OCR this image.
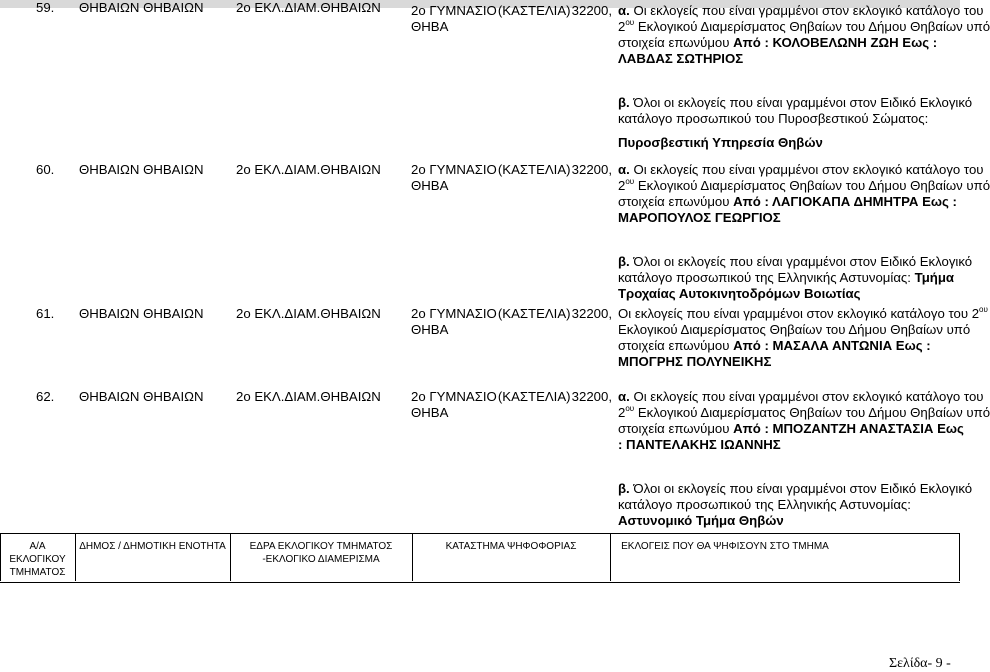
59. ΘΗΒΑΙΩΝ ΘΗΒΑΙΩΝ 2ο ΕΚΛ.ΔΙΑΜ.ΘΗΒΑΙΩΝ 2ο ΓΥΜΝΑΣΙΟ (ΚΑΣΤΕΛΙΑ) 32200,
ΘΗΒΑ
α. Οι εκλογείς που είναι γραμμένοι στον εκλογικό κατάλογο του
$2^{o\upsilon}$ Εκλογικού Διαμερίσματος Θηβαίων του Δήμου Θηβαίων υπό
στοιχεία επωνύμου Από : ΚΟΛΟΒΕΛΩΝΗ ΖΩΗ Εως :
ΛΑΒΔΑΣ ΣΩΤΗΡΙΟΣ
β. Όλοι οι εκλογείς που είναι γραμμένοι στον Ειδικό Εκλογικό
κατάλογο προσωπικού του Πυροσβεστικού Σώματος:
Πυροσβεστική Υπηρεσία Θηβών
60. ΘΗΒΑΙΩΝ ΘΗΒΑΙΩΝ 2ο ΕΚΛ.ΔΙΑΜ.ΘΗΒΑΙΩΝ 2ο ΓΥΜΝΑΣΙΟ (ΚΑΣΤΕΛΙΑ) 32200,
ΘΗΒΑ
α. Οι εκλογείς που είναι γραμμένοι στον εκλογικό κατάλογο του
$2^{o\upsilon}$ Εκλογικού Διαμερίσματος Θηβαίων του Δήμου Θηβαίων υπό
στοιχεία επωνύμου Από : ΛΑΓΙΟΚΑΠΑ ΔΗΜΗΤΡΑ Εως :
ΜΑΡΟΠΟΥΛΟΣ ΓΕΩΡΓΙΟΣ
β. Όλοι οι εκλογείς που είναι γραμμένοι στον Ειδικό Εκλογικό
κατάλογο προσωπικού της Ελληνικής Αστυνομίας: Τμήμα
Τροχαίας Αυτοκινητοδρόμων Βοιωτίας
61. ΘΗΒΑΙΩΝ ΘΗΒΑΙΩΝ 2ο ΕΚΛ.ΔΙΑΜ.ΘΗΒΑΙΩΝ 2ο ΓΥΜΝΑΣΙΟ (ΚΑΣΤΕΛΙΑ) 32200,
ΘΗΒΑ
Οι εκλογείς που είναι γραμμένοι στον εκλογικό κατάλογο του $2^{o\upsilon}$
Εκλογικού Διαμερίσματος Θηβαίων του Δήμου Θηβαίων υπό
στοιχεία επωνύμου Από : ΜΑΣΑΛΑ ΑΝΤΩΝΙΑ Εως :
ΜΠΟΓΡΗΣ ΠΟΛΥΝΕΙΚΗΣ
62. ΘΗΒΑΙΩΝ ΘΗΒΑΙΩΝ 2ο ΕΚΛ.ΔΙΑΜ.ΘΗΒΑΙΩΝ 2ο ΓΥΜΝΑΣΙΟ (ΚΑΣΤΕΛΙΑ) 32200,
ΘΗΒΑ
α. Οι εκλογείς που είναι γραμμένοι στον εκλογικό κατάλογο του
$2^{o\upsilon}$ Εκλογικού Διαμερίσματος Θηβαίων του Δήμου Θηβαίων υπό
στοιχεία επωνύμου Από : ΜΠΟΖΑΝΤΖΗ ΑΝΑΣΤΑΣΙΑ Εως
: ΠΑΝΤΕΛΑΚΗΣ ΙΩΑΝΝΗΣ
β. Όλοι οι εκλογείς που είναι γραμμένοι στον Ειδικό Εκλογικό
κατάλογο προσωπικού της Ελληνικής Αστυνομίας:
Αστυνομικό Τμήμα Θηβών
Α/Α
ΕΚΛΟΓΙΚΟΥ
ΤΜΗΜΑΤΟΣ
ΔΗΜΟΣ / ΔΗΜΟΤΙΚΗ ΕΝΟΤΗΤΑ	ΕΔΡΑ ΕΚΛΟΓΙΚΟΥ ΤΜΗΜΑΤΟΣ
-ΕΚΛΟΓΙΚΟ ΔΙΑΜΕΡΙΣΜΑ
ΚΑΤΑΣΤΗΜΑ ΨΗΦΟΦΟΡΙΑΣ	ΕΚΛΟΓΕΙΣ ΠΟΥ ΘΑ ΨΗΦΙΣΟΥΝ ΣΤΟ ΤΜΗΜΑ
Σελίδα- 9 -
